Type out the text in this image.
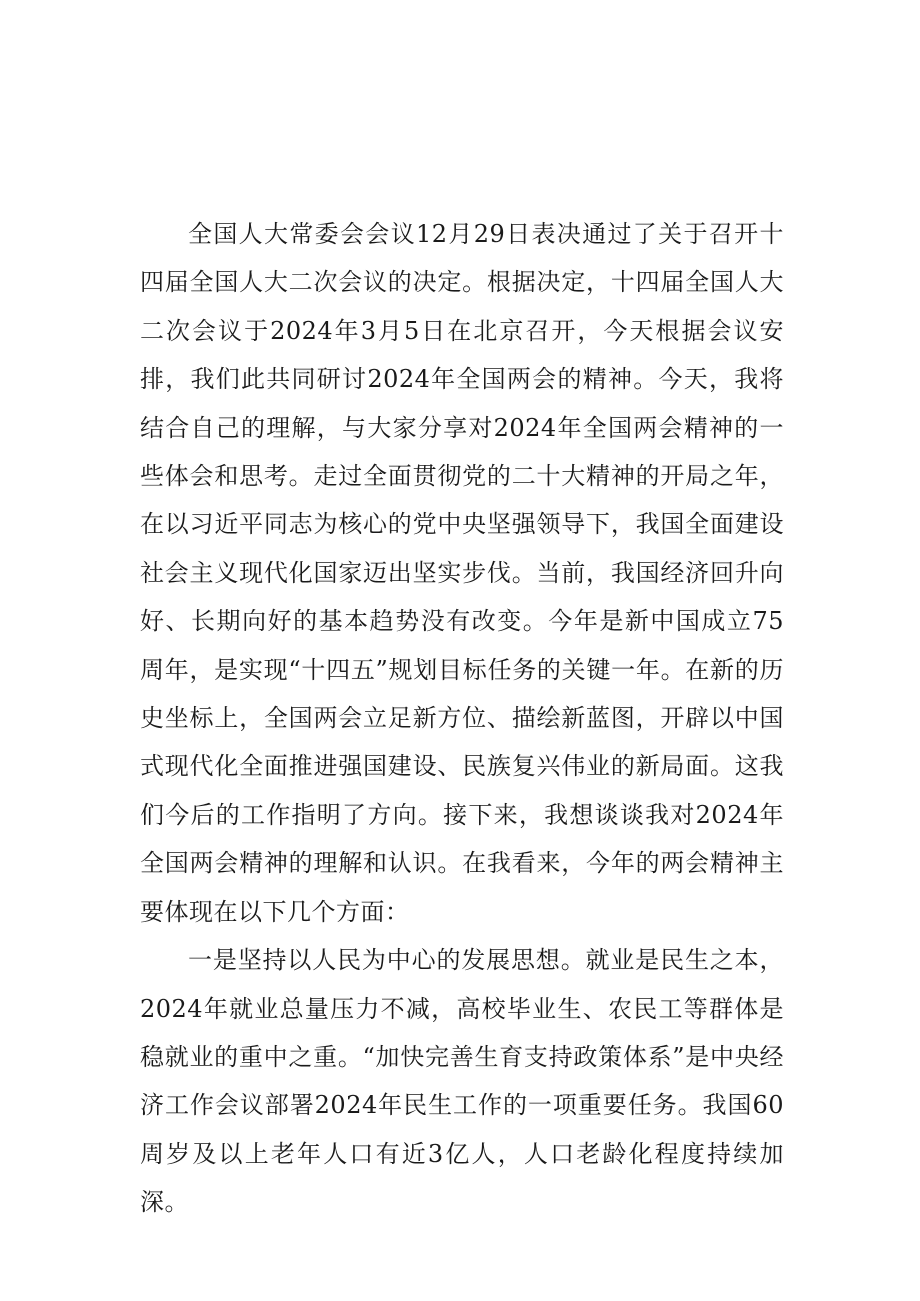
全国人大常委会会议12月29日表决通过了关于召开十四届全国人大二次会议的决定。根据决定，十四届全国人大二次会议于2024年3月5日在北京召开，今天根据会议安排，我们此共同研讨2024年全国两会的精神。今天，我将结合自己的理解，与大家分享对2024年全国两会精神的一些体会和思考。走过全面贯彻党的二十大精神的开局之年，在以习近平同志为核心的党中央坚强领导下，我国全面建设社会主义现代化国家迈出坚实步伐。当前，我国经济回升向好、长期向好的基本趋势没有改变。今年是新中国成立75周年，是实现“十四五”规划目标任务的关键一年。在新的历史坐标上，全国两会立足新方位、描绘新蓝图，开辟以中国式现代化全面推进强国建设、民族复兴伟业的新局面。这我们今后的工作指明了方向。接下来，我想谈谈我对2024年全国两会精神的理解和认识。在我看来，今年的两会精神主要体现在以下几个方面：

一是坚持以人民为中心的发展思想。就业是民生之本，2024年就业总量压力不减，高校毕业生、农民工等群体是稳就业的重中之重。“加快完善生育支持政策体系”是中央经济工作会议部署2024年民生工作的一项重要任务。我国60周岁及以上老年人口有近3亿人，人口老龄化程度持续加深。
